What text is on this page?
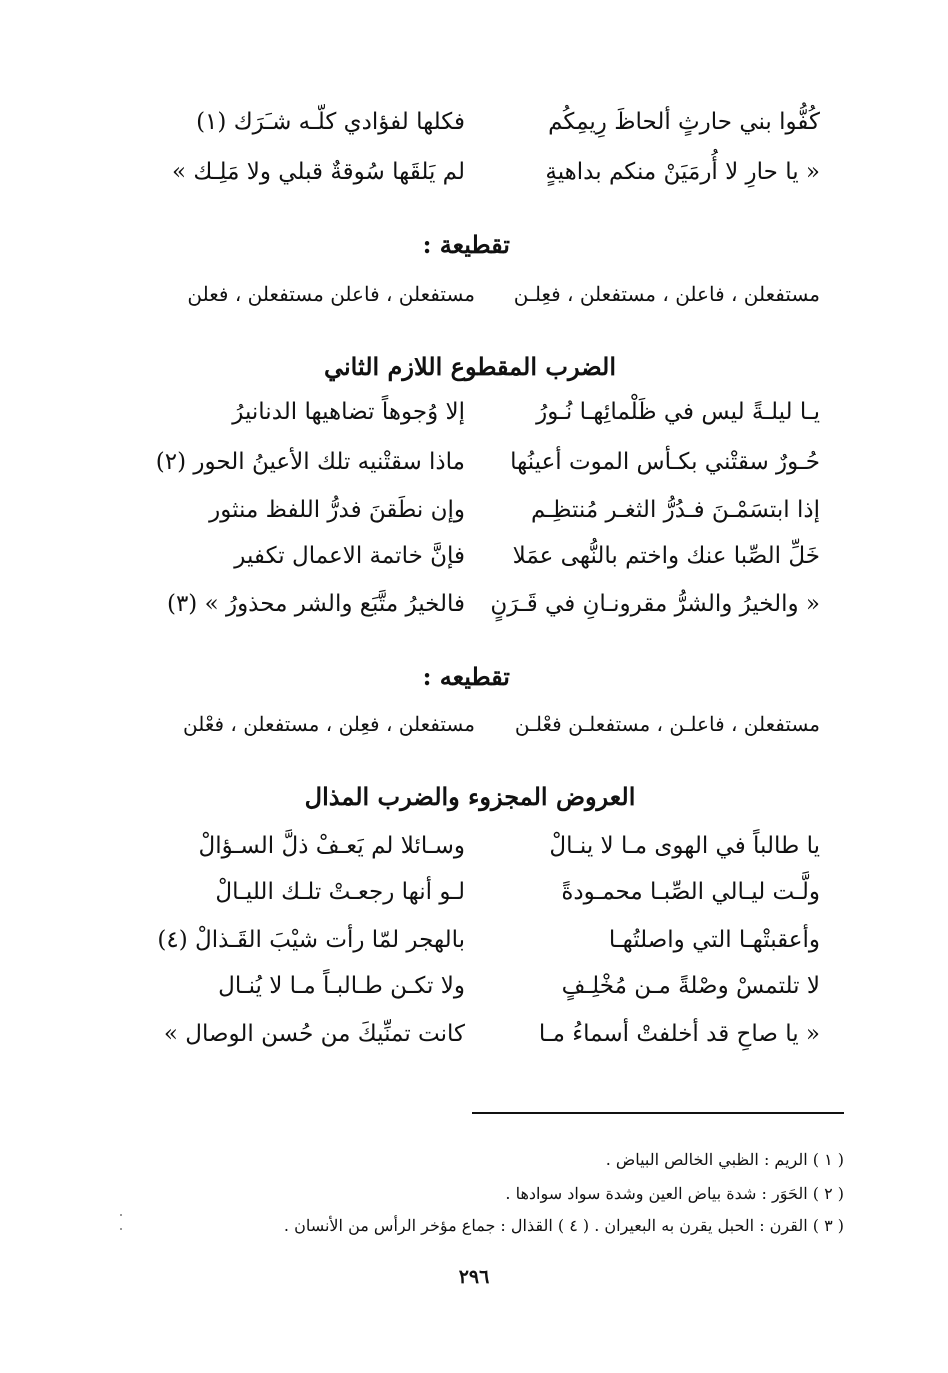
كُفُّوا بني حارثٍ ألحاظَ رِيمِكُم
فكلها لفؤادي كلّـه شـَرَك (١)
« يا حارِ لا أُرمَيَنْ منكم بداهيةٍ
لم يَلقَها سُوقةٌ قبلي ولا مَلِـك »
تقطيعة :
مستفعلن ، فاعلن ، مستفعلن ، فعِلـن
مستفعلن ، فاعلن مستفعلن ، فعلن
الضرب المقطوع اللازم الثاني
يـا ليلـةً ليس في ظَلْمائِهـا نُـورُ
إلا وُجوهاً تضاهيها الدنانيرُ
حُـورٌ سقتْني بكـأس الموت أعينُها
ماذا سقتْنيه تلك الأعينُ الحور (٢)
إذا ابتسَمْـنَ فـدُرُّ الثغـر مُنتظِـم
وإن نطَقنَ فدرُّ اللفظ منثور
خَلِّ الصِّبا عنك واختم بالنُّهى عمَلا
فإنَّ خاتمة الاعمال تكفير
« والخيرُ والشرُّ مقرونـانِ في قَـرَنٍ
فالخيرُ متَّبَع والشر محذورُ » (٣)
تقطيعه :
مستفعلن ، فاعلـن ، مستفعلـن فعْلـن
مستفعلن ، فعِلن ، مستفعلن ، فعْلن
العروض المجزوء والضرب المذال
يا طالباً في الهوى مـا لا ينـالْ
وسـائلا لم يَعـفْ ذلَّ السـؤالْ
ولَّـت ليـالي الصِّبـا محمـودةً
لـو أنها رجعـتْ تلـك الليـالْ
وأعقبتْهـا التي واصلتُهـا
بالهجر لمّا رأت شيْبَ القَـذالْ (٤)
لا تلتمسْ وصْلةً مـن مُخْلِـفٍ
ولا تكـن طـالبـاً مـا لا يُنـال
« يا صاحِ قد أخلفتْ أسماءُ مـا
كانت تمنِّيكَ من حُسن الوصال »
( ١ ) الريم : الظبي الخالص البياض .
( ٢ ) الحَوَر : شدة بياض العين وشدة سواد سوادها .
( ٣ ) القرن : الحبل يقرن به البعيران . ( ٤ ) القذال : جماع مؤخر الرأس من الأنسان .
٢٩٦
